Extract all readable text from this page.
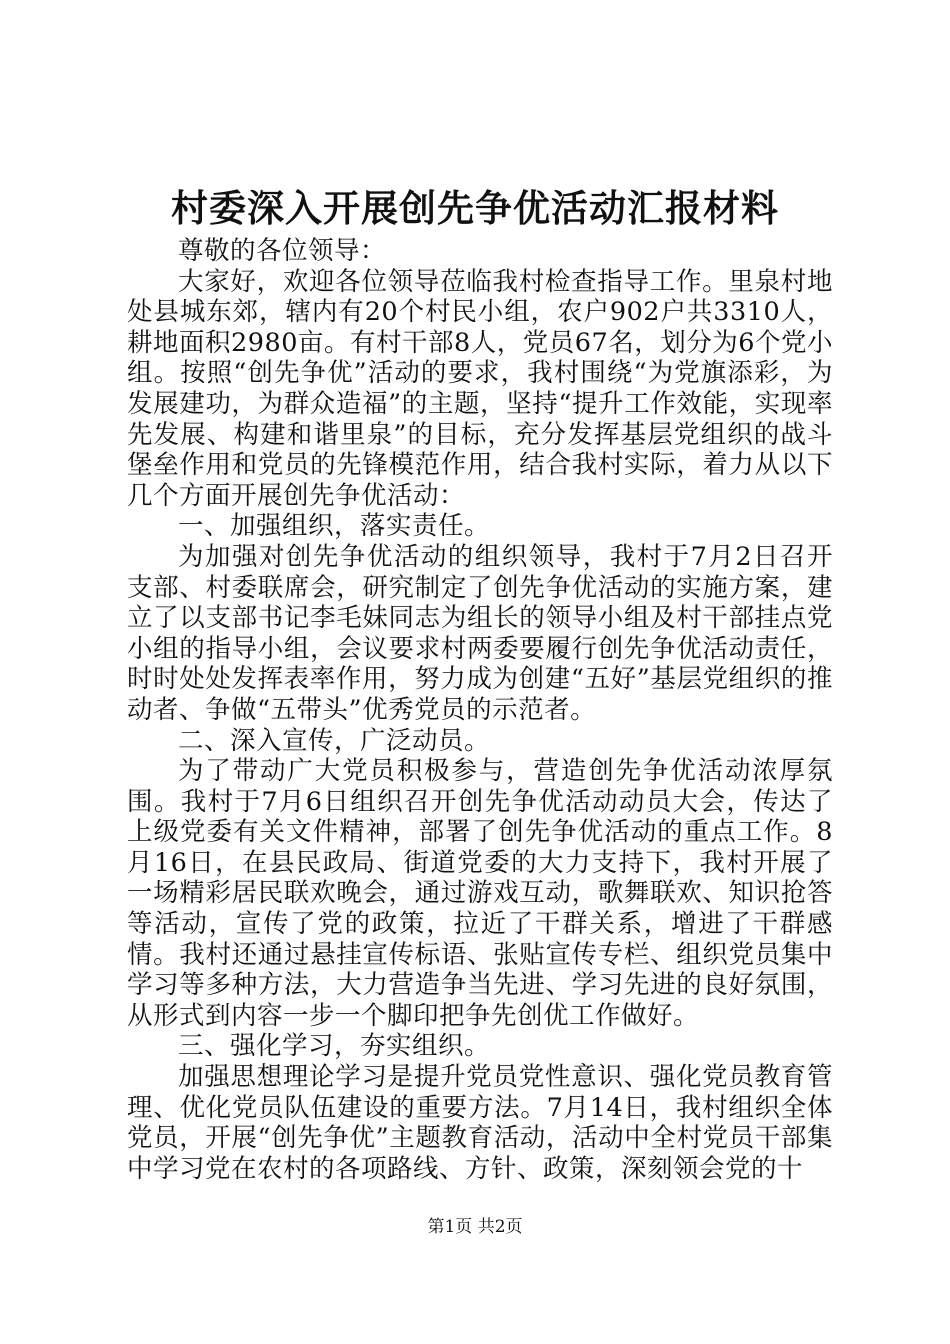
村委深入开展创先争优活动汇报材料

尊敬的各位领导：

大家好，欢迎各位领导莅临我村检查指导工作。里泉村地处县城东郊，辖内有20个村民小组，农户902户共3310人，耕地面积2980亩。有村干部8人，党员67名，划分为6个党小组。按照“创先争优”活动的要求，我村围绕“为党旗添彩，为发展建功，为群众造福”的主题，坚持“提升工作效能，实现率先发展、构建和谐里泉”的目标，充分发挥基层党组织的战斗堡垒作用和党员的先锋模范作用，结合我村实际，着力从以下几个方面开展创先争优活动：

一、加强组织，落实责任。

为加强对创先争优活动的组织领导，我村于7月2日召开支部、村委联席会，研究制定了创先争优活动的实施方案，建立了以支部书记李毛妹同志为组长的领导小组及村干部挂点党小组的指导小组，会议要求村两委要履行创先争优活动责任，时时处处发挥表率作用，努力成为创建“五好”基层党组织的推动者、争做“五带头”优秀党员的示范者。

二、深入宣传，广泛动员。

为了带动广大党员积极参与，营造创先争优活动浓厚氛围。我村于7月6日组织召开创先争优活动动员大会，传达了上级党委有关文件精神，部署了创先争优活动的重点工作。8月16日，在县民政局、街道党委的大力支持下，我村开展了一场精彩居民联欢晚会，通过游戏互动，歌舞联欢、知识抢答等活动，宣传了党的政策，拉近了干群关系，增进了干群感情。我村还通过悬挂宣传标语、张贴宣传专栏、组织党员集中学习等多种方法，大力营造争当先进、学习先进的良好氛围，从形式到内容一步一个脚印把争先创优工作做好。

三、强化学习，夯实组织。

加强思想理论学习是提升党员党性意识、强化党员教育管理、优化党员队伍建设的重要方法。7月14日，我村组织全体党员，开展“创先争优”主题教育活动，活动中全村党员干部集中学习党在农村的各项路线、方针、政策，深刻领会党的十

第1页 共2页
